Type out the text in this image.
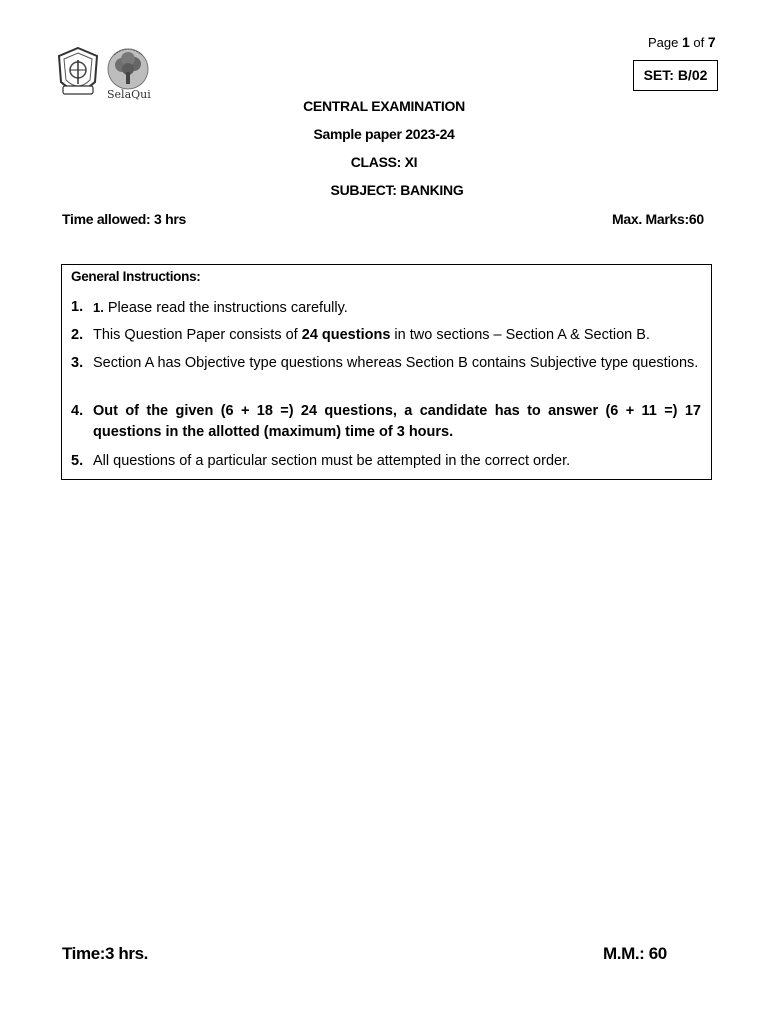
SelaQui
Page 1 of 7
SET: B/02
CENTRAL EXAMINATION
Sample paper 2023-24
CLASS: XI
SUBJECT: BANKING
Time allowed: 3 hrs	Max. Marks:60
General Instructions:
1. 1. Please read the instructions carefully.
2. This Question Paper consists of 24 questions in two sections – Section A & Section B.
3. Section A has Objective type questions whereas Section B contains Subjective type questions.
4. Out of the given (6 + 18 =) 24 questions, a candidate has to answer (6 + 11 =) 17 questions in the allotted (maximum) time of 3 hours.
5. All questions of a particular section must be attempted in the correct order.
Time:3 hrs.	M.M.: 60
